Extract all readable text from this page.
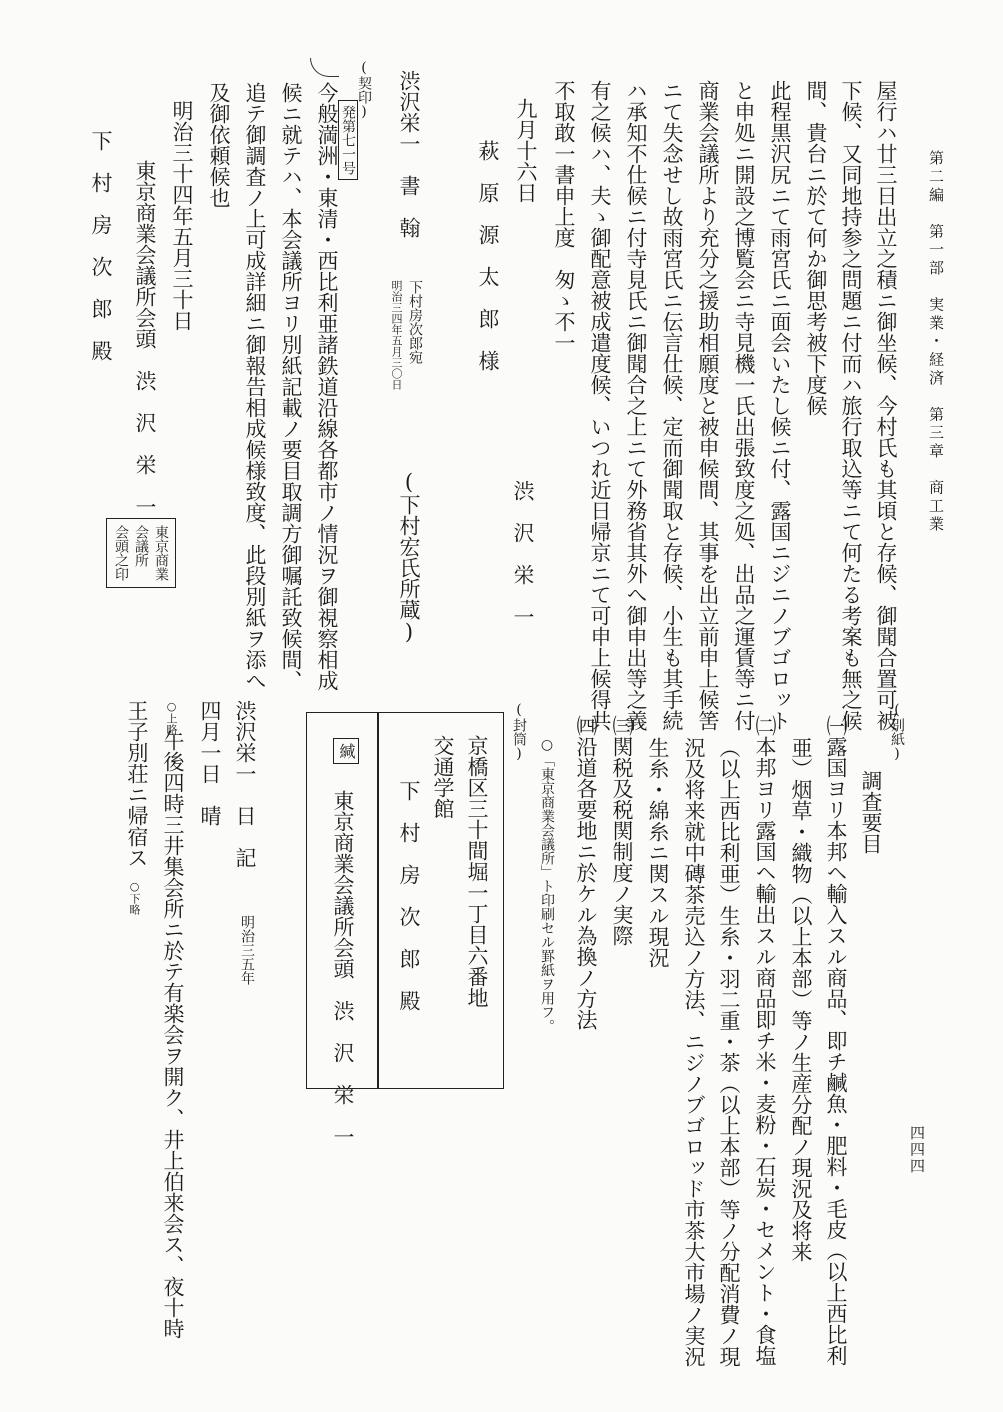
第二編　第一部　実業・経済　第三章　商工業
四四四
屋行ハ廿三日出立之積ニ御坐候、今村氏も其頃と存候、御聞合置可被
下候、又同地持参之問題ニ付而ハ旅行取込等ニて何たる考案も無之候
間、貴台ニ於て何か御思考被下度候
此程黒沢尻ニて雨宮氏ニ面会いたし候ニ付、露国ニジニノブゴロット
と申処ニ開設之博覧会ニ寺見機一氏出張致度之処、出品之運賃等ニ付
商業会議所より充分之援助相願度と被申候間、其事を出立前申上候筈
ニて失念せし故雨宮氏ニ伝言仕候、定而御聞取と存候、小生も其手続
ハ承知不仕候ニ付寺見氏ニ御聞合之上ニて外務省其外へ御申出等之義
有之候ハ、夫ゝ御配意被成遣度候、いつれ近日帰京ニて可申上候得共
不取敢一書申上度　匆ゝ不一
九月十六日
渋　沢　栄　一
萩　原　源　太　郎　様
渋沢栄一　書　翰
下村房次郎宛
明治三四年五月三〇日
(下村宏氏所蔵)
(契印)
発第七一号
今般満洲・東清・西比利亜諸鉄道沿線各都市ノ情況ヲ御視察相成
候ニ就テハ、本会議所ヨリ別紙記載ノ要目取調方御嘱託致候間、
追テ御調査ノ上可成詳細ニ御報告相成候様致度、此段別紙ヲ添へ
及御依頼候也
明治三十四年五月三十日
東京商業会議所会頭　渋　沢　栄　一
東京商業
会議所
会頭之印
下　村　房　次　郎　殿
(別紙)
調査要目
㈠露国ヨリ本邦ヘ輸入スル商品、即チ鹹魚・肥料・毛皮（以上西比利
亜）烟草・織物（以上本部）等ノ生産分配ノ現況及将来
㈡本邦ヨリ露国ヘ輸出スル商品即チ米・麦粉・石炭・セメント・食塩
（以上西比利亜）生糸・羽二重・茶（以上本部）等ノ分配消費ノ現
況及将来就中磚茶売込ノ方法、ニジノブゴロッド市茶大市場ノ実況
生糸・綿糸ニ関スル現況
㈢関税及税関制度ノ実際
㈣沿道各要地ニ於ケル為換ノ方法
○「東京商業会議所」ト印刷セル罫紙ヲ用フ。
(封筒)
京橋区三十間堀一丁目六番地
交通学館
下　村　房　次　郎　殿
緘
東京商業会議所会頭　渋　沢　栄　一
渋沢栄一　日　記
明治三五年
四月一日　晴
○上略
午後四時三井集会所ニ於テ有楽会ヲ開ク、井上伯来会ス、夜十時
王子別荘ニ帰宿ス
○下略
